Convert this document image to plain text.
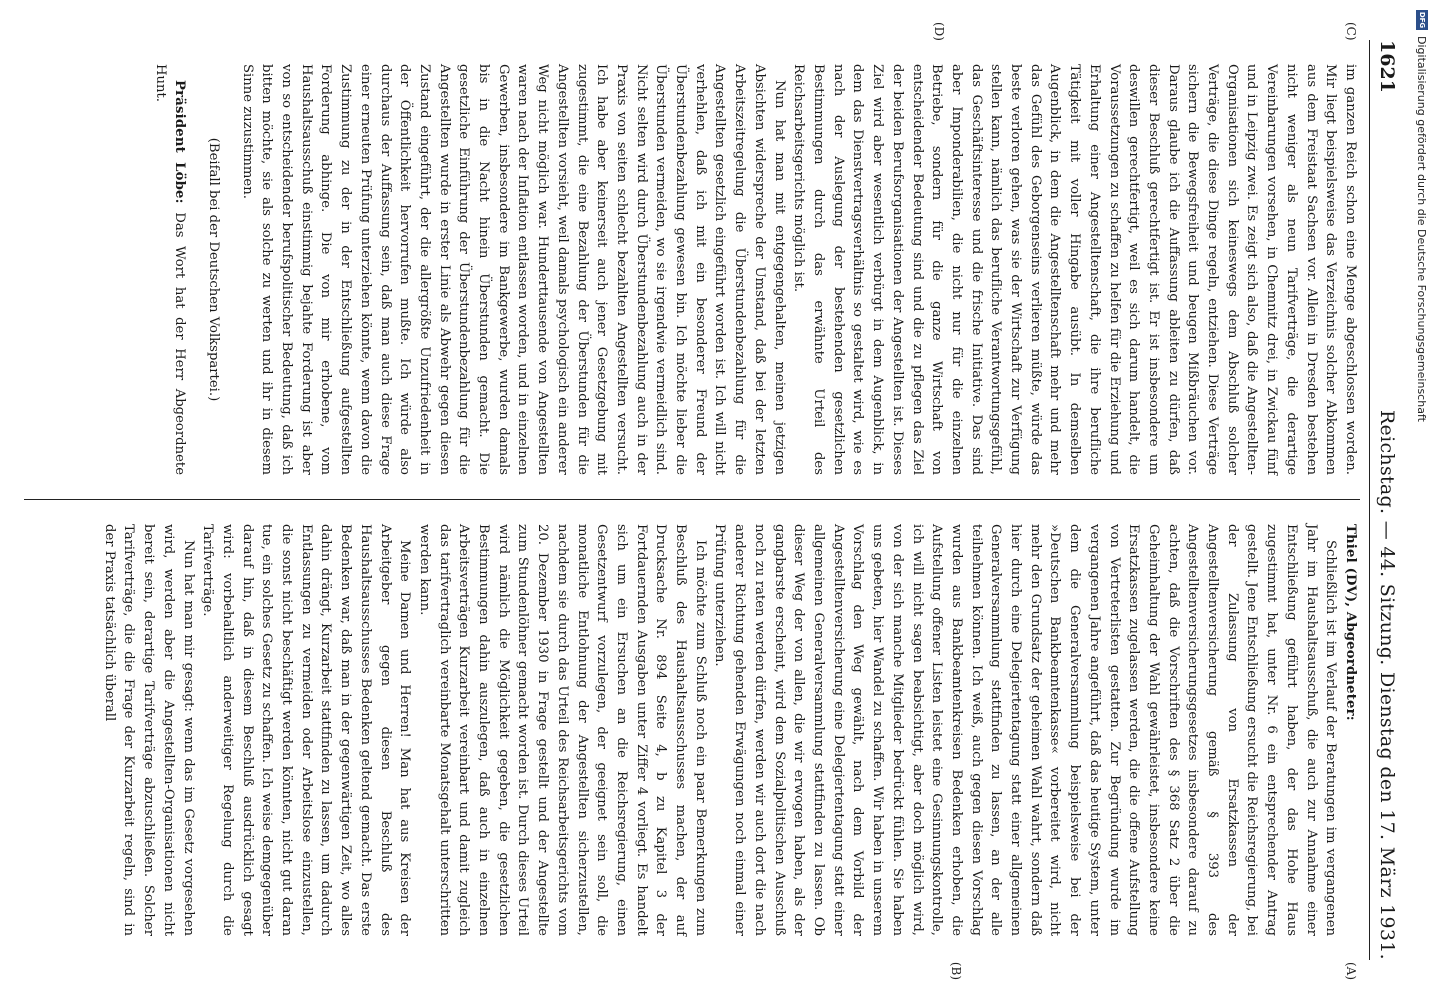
DFG
Digitalisierung gefördert durch die Deutsche Forschungsgemeinschaft
1621
Reichstag. — 44. Sitzung. Dienstag den 17. März 1931.
(C)
(D)

im ganzen Reich schon eine Menge abgeschlossen worden. Mir liegt beispielsweise das Verzeichnis solcher Abkommen aus dem Freistaat Sachsen vor. Allein in Dresden bestehen nicht weniger als neun Tarifverträge, die derartige Vereinbarungen vorsehen, in Chemnitz drei, in Zwickau fünf und in Leipzig zwei. Es zeigt sich also, daß die Angestellten-Organisationen sich keineswegs dem Abschluß solcher Verträge, die diese Dinge regeln, entziehen. Diese Verträge sichern die Bewegsfreiheit und beugen Mißbräuchen vor. Daraus glaube ich die Auffassung ableiten zu dürfen, daß dieser Beschluß gerechtfertigt ist. Er ist insbesondere um deswillen gerechtfertigt, weil es sich darum handelt, die Voraussetzungen zu schaffen zu helfen für die Erziehung und Erhaltung einer Angestelltenschaft, die ihre berufliche Tätigkeit mit voller Hingabe ausübt. In demselben Augenblick, in dem die Angestelltenschaft mehr und mehr das Gefühl des Geborgenseins verlieren müßte, würde das beste verloren gehen, was sie der Wirtschaft zur Verfügung stellen kann, nämlich das berufliche Verantwortungsgefühl, das Geschäftsinteresse und die frische Initiative. Das sind aber Imponderabilien, die nicht nur für die einzelnen Betriebe, sondern für die ganze Wirtschaft von entscheidender Bedeutung sind und die zu pflegen das Ziel der beiden Berufsorganisationen der Angestellten ist. Dieses Ziel wird aber wesentlich verbürgt in dem Augenblick, in dem das Dienstvertragsverhältnis so gestaltet wird, wie es nach der Auslegung der bestehenden gesetzlichen Bestimmungen durch das erwähnte Urteil des Reichsarbeitsgerichts möglich ist.

Nun hat man mit entgegengehalten, meinen jetzigen Absichten widerspreche der Umstand, daß bei der letzten Arbeitszeitregelung die Überstundenbezahlung für die Angestellten gesetzlich eingeführt worden ist. Ich will nicht verhehlen, daß ich mit ein besonderer Freund der Überstundenbezahlung gewesen bin. Ich möchte lieber die Überstunden vermeiden, wo sie irgendwie vermeidlich sind. Nicht selten wird durch Überstundenbezahlung auch in der Praxis von seiten schlecht bezahlten Angestellten versucht. Ich habe aber keinerseit auch jener Gesetzgebung mit zugestimmt, die eine Bezahlung der Überstunden für die Angestellten vorsieht, weil damals psychologisch ein anderer Weg nicht möglich war. Hunderttausende von Angestellten waren nach der Inflation entlassen worden, und in einzelnen Gewerben, insbesondere im Bankgewerbe, wurden damals bis in die Nacht hinein Überstunden gemacht. Die gesetzliche Einführung der Überstundenbezahlung für die Angestellten wurde in erster Linie als Abwehr gegen diesen Zustand eingeführt, der die allergrößte Unzufriedenheit in der Öffentlichkeit hervorrufen mußte. Ich würde also durchaus der Auffassung sein, daß man auch diese Frage einer erneuten Prüfung unterziehen könnte, wenn davon die Zustimmung zu der in der Entschließung aufgestellten Forderung abhinge. Die von mir erhobene, vom Haushaltsausschuß einstimmig bejahte Forderung ist aber von so entscheidender berufspolitischer Bedeutung, daß ich bitten möchte, sie als solche zu werten und ihr in diesem Sinne zuzustimmen.

(Beifall bei der Deutschen Volkspartei.)

Präsident Löbe: Das Wort hat der Herr Abgeordnete Hunt.

(A)
(B)

Thiel (DV), Abgeordneter:

Schließlich ist im Verlauf der Beratungen im vergangenen Jahr im Haushaltsausschuß, die auch zur Annahme einer Entschließung geführt haben, der das Hohe Haus zugestimmt hat, unter Nr. 6 ein entsprechender Antrag gestellt. Jene Entschließung ersucht die Reichsregierung, bei der Zulassung von Ersatzkassen der Angestelltenversicherung gemäß § 393 des Angestelltenversicherungsgesetzes insbesondere darauf zu achten, daß die Vorschriften des § 368 Satz 2 über die Geheimhaltung der Wahl gewährleistet, insbesondere keine Ersatzkassen zugelassen werden, die die offene Aufstellung von Vertreterlisten gestatten. Zur Begründung wurde im vergangenen Jahre angeführt, daß das heutige System, unter dem die Generalversammlung beispielsweise bei der »Deutschen Bankbeamtenkasse« vorbereitet wird, nicht mehr den Grundsatz der geheimen Wahl wahrt, sondern daß hier durch eine Delegiertentagung statt einer allgemeinen Generalversammlung stattfinden zu lassen, an der alle teilnehmen können. Ich weiß, auch gegen diesen Vorschlag wurden aus Bankbeamtenkreisen Bedenken erhoben, die Aufstellung offener Listen leistet eine Gesinnungskontrolle, ich will nicht sagen beabsichtigt, aber doch möglich wird, von der sich manche Mitglieder bedrückt fühlen. Sie haben uns gebeten, hier Wandel zu schaffen. Wir haben in unserem Vorschlag den Weg gewählt, nach dem Vorbild der Angestelltenversicherung eine Delegiertentagung statt einer allgemeinen Generalversammlung stattfinden zu lassen. Ob dieser Weg der von allen, die wir erwogen haben, als der gangbarste erscheint, wird dem Sozialpolitischen Ausschuß noch zu raten werden dürfen, werden wir auch dort die nach anderer Richtung gehenden Erwägungen noch einmal einer Prüfung unterziehen.

Ich möchte zum Schluß noch ein paar Bemerkungen zum Beschluß des Haushaltsausschusses machen, der auf Drucksache Nr. 894 Seite 4, b zu Kapitel 3 der Fortdauernden Ausgaben unter Ziffer 4 vorliegt. Es handelt sich um ein Ersuchen an die Reichsregierung, einen Gesetzentwurf vorzulegen, der geeignet sein soll, die monatliche Entlohnung der Angestellten sicherzustellen, nachdem sie durch das Urteil des Reichsarbeitsgerichts vom 20. Dezember 1930 in Frage gestellt und der Angestellte zum Stundenlöhner gemacht worden ist. Durch dieses Urteil wird nämlich die Möglichkeit gegeben, die gesetzlichen Bestimmungen dahin auszulegen, daß auch in einzelnen Arbeitsverträgen Kurzarbeit vereinbart und damit zugleich das tarifvertraglich vereinbarte Monatsgehalt unterschritten werden kann.

Meine Damen und Herren! Man hat aus Kreisen der Arbeitgeber gegen diesen Beschluß des Haushaltsausschusses Bedenken geltend gemacht. Das erste Bedenken war, daß man in der gegenwärtigen Zeit, wo alles dahin drängt, Kurzarbeit stattfinden zu lassen, um dadurch Entlassungen zu vermeiden oder Arbeitslose einzustellen, die sonst nicht beschäftigt werden könnten, nicht gut daran tue, ein solches Gesetz zu schaffen. Ich weise demgegenüber darauf hin, daß in diesem Beschluß ausdrücklich gesagt wird: vorbehaltlich anderweitiger Regelung durch die Tarifverträge.

Nun hat man mir gesagt: wenn das im Gesetz vorgesehen wird, werden aber die Angestellten-Organisationen nicht bereit sein, derartige Tarifverträge abzuschließen. Solcher Tarifverträge, die die Frage der Kurzarbeit regeln, sind in der Praxis tatsächlich überall
